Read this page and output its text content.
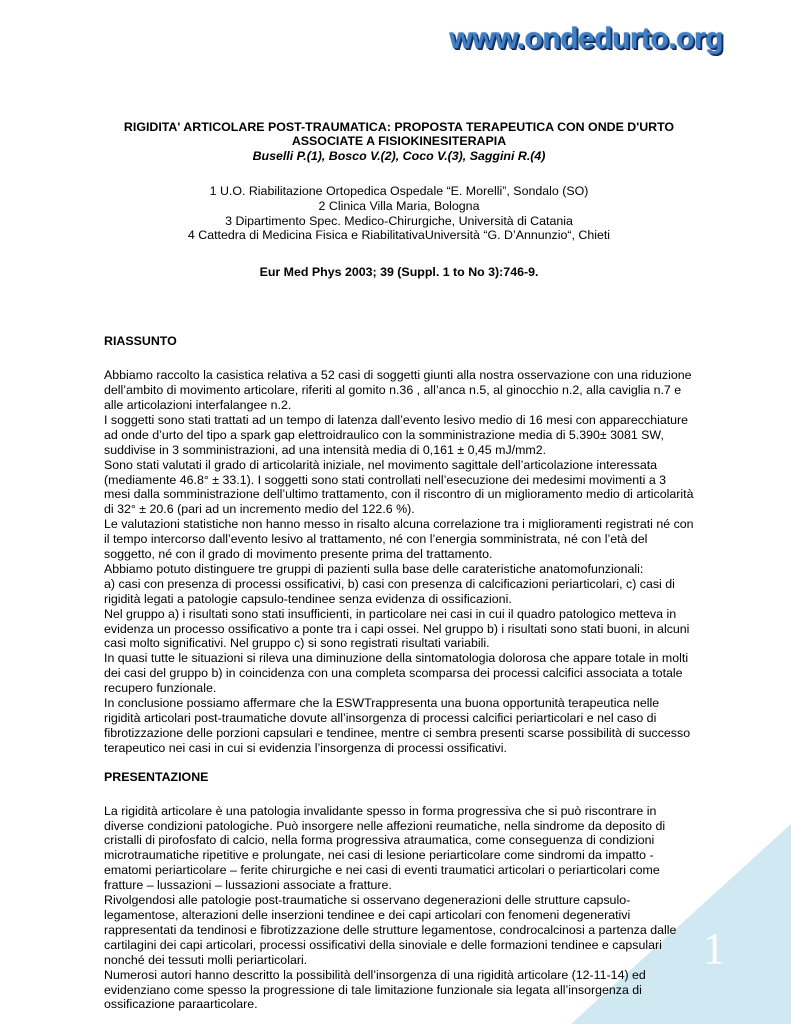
1
www.ondedurto.org

RIGIDITA' ARTICOLARE POST-TRAUMATICA: PROPOSTA TERAPEUTICA CON ONDE D'URTO
ASSOCIATE A FISIOKINESITERAPIA

Buselli P.(1), Bosco V.(2), Coco V.(3), Saggini R.(4)

1 U.O. Riabilitazione Ortopedica Ospedale “E. Morelli”, Sondalo (SO)
2 Clinica Villa Maria, Bologna
3 Dipartimento Spec. Medico-Chirurgiche, Università di Catania
4 Cattedra di Medicina Fisica e RiabilitativaUniversità “G. D’Annunzio“, Chieti

Eur Med Phys 2003; 39 (Suppl. 1 to No 3):746-9.

RIASSUNTO

Abbiamo raccolto la casistica relativa a 52 casi di soggetti giunti alla nostra osservazione con una riduzione dell’ambito di movimento articolare, riferiti al gomito n.36 , all’anca n.5, al ginocchio n.2, alla caviglia n.7 e alle articolazioni interfalangee n.2.

I soggetti sono stati trattati ad un tempo di latenza dall’evento lesivo medio di 16 mesi con apparecchiature ad onde d’urto del tipo a spark gap elettroidraulico con la somministrazione media di 5.390± 3081 SW, suddivise in 3 somministrazioni, ad una intensità media di 0,161 ± 0,45 mJ/mm2.

Sono stati valutati il grado di articolarità iniziale, nel movimento sagittale dell’articolazione interessata (mediamente 46.8° ± 33.1). I soggetti sono stati controllati nell’esecuzione dei medesimi movimenti a 3 mesi dalla somministrazione dell’ultimo trattamento, con il riscontro di un miglioramento medio di articolarità di 32° ± 20.6 (pari ad un incremento medio del 122.6 %).

Le valutazioni statistiche non hanno messo in risalto alcuna correlazione tra i miglioramenti registrati né con il tempo intercorso dall’evento lesivo al trattamento, né con l’energia somministrata, né con l’età del soggetto, né con il grado di movimento presente prima del trattamento.

Abbiamo potuto distinguere tre gruppi di pazienti sulla base delle carateristiche anatomofunzionali:

a) casi con presenza di processi ossificativi, b) casi con presenza di calcificazioni periarticolari, c) casi di rigidità legati a patologie capsulo-tendinee senza evidenza di ossificazioni.

Nel gruppo a) i risultati sono stati insufficienti, in particolare nei casi in cui il quadro patologico metteva in evidenza un processo ossificativo a ponte tra i capi ossei. Nel gruppo b) i risultati sono stati buoni, in alcuni casi molto significativi. Nel gruppo c) si sono registrati risultati variabili.

In quasi tutte le situazioni si rileva una diminuzione della sintomatologia dolorosa che appare totale in molti dei casi del gruppo b) in coincidenza con una completa scomparsa dei processi calcifici associata a totale recupero funzionale.

In conclusione possiamo affermare che la ESWTrappresenta una buona opportunità terapeutica nelle rigidità articolari post-traumatiche dovute all’insorgenza di processi calcifici periarticolari e nel caso di fibrotizzazione delle porzioni capsulari e tendinee, mentre ci sembra presenti scarse possibilità di successo terapeutico nei casi in cui si evidenzia l’insorgenza di processi ossificativi.

PRESENTAZIONE

La rigidità articolare è una patologia invalidante spesso in forma progressiva che si può riscontrare in diverse condizioni patologiche. Può insorgere nelle affezioni reumatiche, nella sindrome da deposito di cristalli di pirofosfato di calcio, nella forma progressiva atraumatica, come conseguenza di condizioni microtraumatiche ripetitive e prolungate, nei casi di lesione periarticolare come sindromi da impatto - ematomi periarticolare – ferite chirurgiche e nei casi di eventi traumatici articolari o periarticolari come fratture – lussazioni – lussazioni associate a fratture.

Rivolgendosi alle patologie post-traumatiche si osservano degenerazioni delle strutture capsulo-legamentose, alterazioni delle inserzioni tendinee e dei capi articolari con fenomeni degenerativi rappresentati da tendinosi e fibrotizzazione delle strutture legamentose, condrocalcinosi a partenza dalle cartilagini dei capi articolari, processi ossificativi della sinoviale e delle formazioni tendinee e capsulari nonché dei tessuti molli periarticolari.

Numerosi autori hanno descritto la possibilità dell’insorgenza di una rigidità articolare (12-11-14) ed evidenziano come spesso la progressione di tale limitazione funzionale sia legata all’insorgenza di ossificazione paraarticolare.
